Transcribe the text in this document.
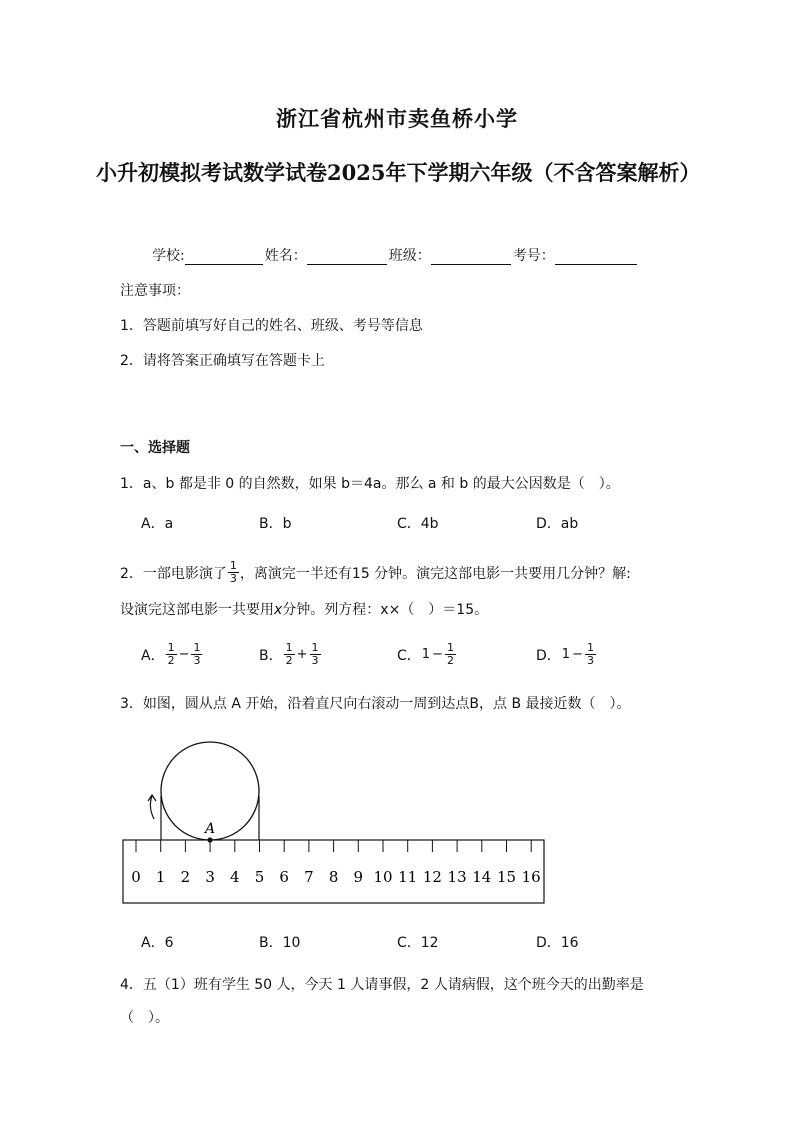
浙江省杭州市卖鱼桥小学
小升初模拟考试数学试卷2025年下学期六年级（不含答案解析）
学校:	姓名：	班级：	考号：
注意事项：
1．答题前填写好自己的姓名、班级、考号等信息
2．请将答案正确填写在答题卡上
一、选择题
1．a、b 都是非 0 的自然数，如果 b＝4a。那么 a 和 b 的最大公因数是（　）。
A．a	B．b	C．4b	D．ab
2．一部电影演了 $\frac{1}{3}$ ，离演完一半还有15 分钟。演完这部电影一共要用几分钟？解:
设演完这部电影一共要用x分钟。列方程：x×（　）＝15。
A． $\frac{1}{2} - \frac{1}{3}$	B． $\frac{1}{2} + \frac{1}{3}$	C． $1 - \frac{1}{2}$	D． $1 - \frac{1}{3}$
3．如图，圆从点 A 开始，沿着直尺向右滚动一周到达点B，点 B 最接近数（　）。
A
0 1 2 3 4 5 6 7 8 9 10 11 12 13 14 15 16
A．6	B．10	C．12	D．16
4．五（1）班有学生 50 人，今天 1 人请事假，2 人请病假，这个班今天的出勤率是
（　）。
